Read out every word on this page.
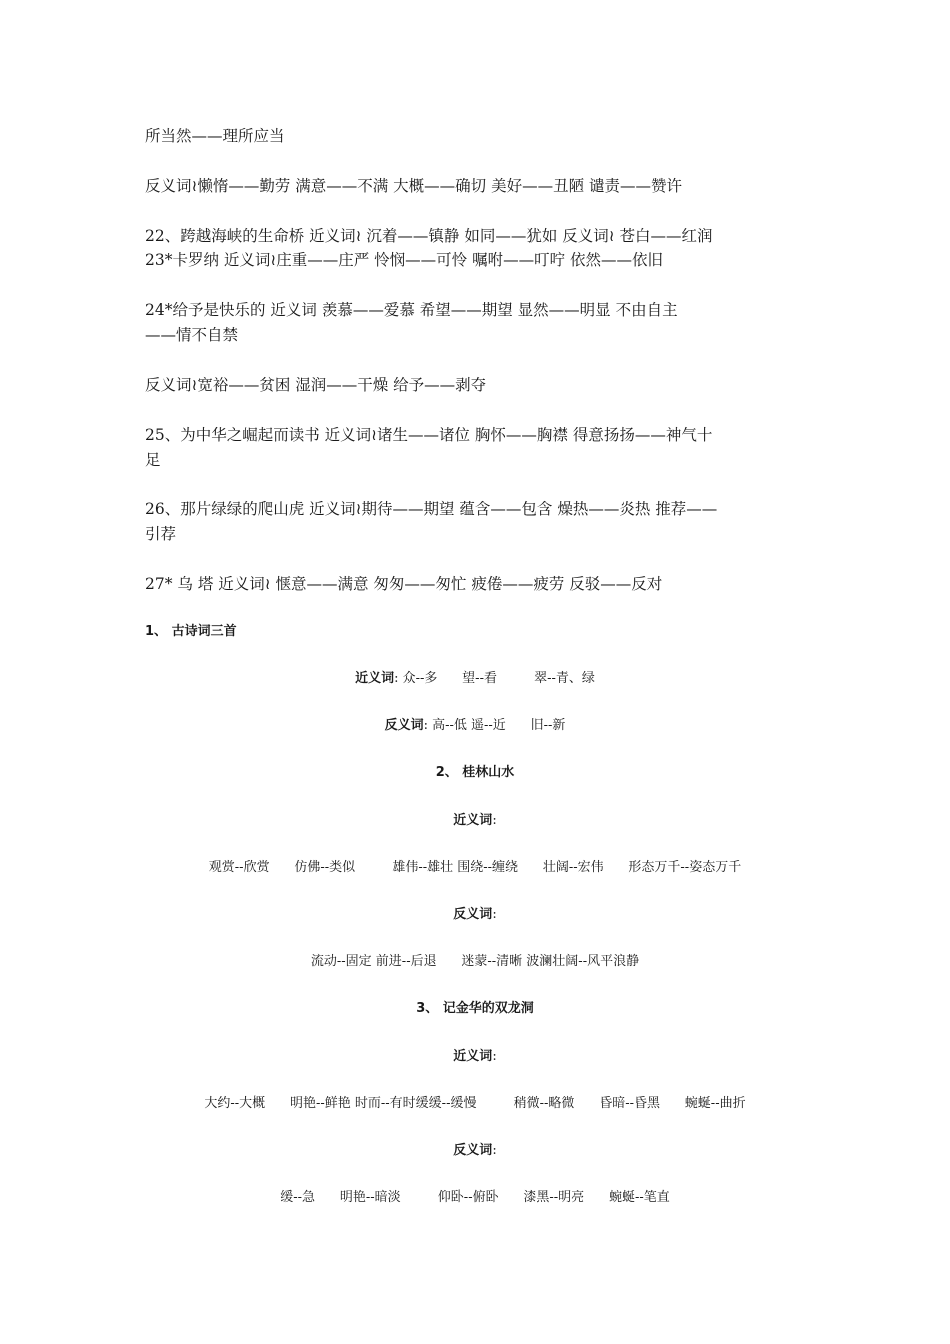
所当然——理所应当
反义词≀懒惰——勤劳 满意——不满 大概——确切 美好——丑陋 谴责——赞许
22、跨越海峡的生命桥 近义词≀ 沉着——镇静 如同——犹如 反义词≀ 苍白——红润
23*卡罗纳 近义词≀庄重——庄严 怜悯——可怜 嘱咐——叮咛 依然——依旧
24*给予是快乐的 近义词 羡慕——爱慕 希望——期望 显然——明显 不由自主
——情不自禁
反义词≀宽裕——贫困 湿润——干燥 给予——剥夺
25、为中华之崛起而读书 近义词≀诸生——诸位 胸怀——胸襟 得意扬扬——神气十
足
26、那片绿绿的爬山虎 近义词≀期待——期望 蕴含——包含 燥热——炎热 推荐——
引荐
27* 乌 塔 近义词≀ 惬意——满意 匆匆——匆忙 疲倦——疲劳 反驳——反对
1、 古诗词三首
近义词: 众--多      望--看         翠--青、绿
反义词: 高--低 遥--近      旧--新
2、 桂林山水
近义词:
观赏--欣赏      仿佛--类似         雄伟--雄壮 围绕--缠绕      壮阔--宏伟      形态万千--姿态万千
反义词:
流动--固定 前进--后退      迷蒙--清晰 波澜壮阔--风平浪静
3、 记金华的双龙洞
近义词:
大约--大概      明艳--鲜艳 时而--有时缓缓--缓慢         稍微--略微      昏暗--昏黑      蜿蜒--曲折
反义词:
缓--急      明艳--暗淡         仰卧--俯卧      漆黑--明亮      蜿蜒--笔直
